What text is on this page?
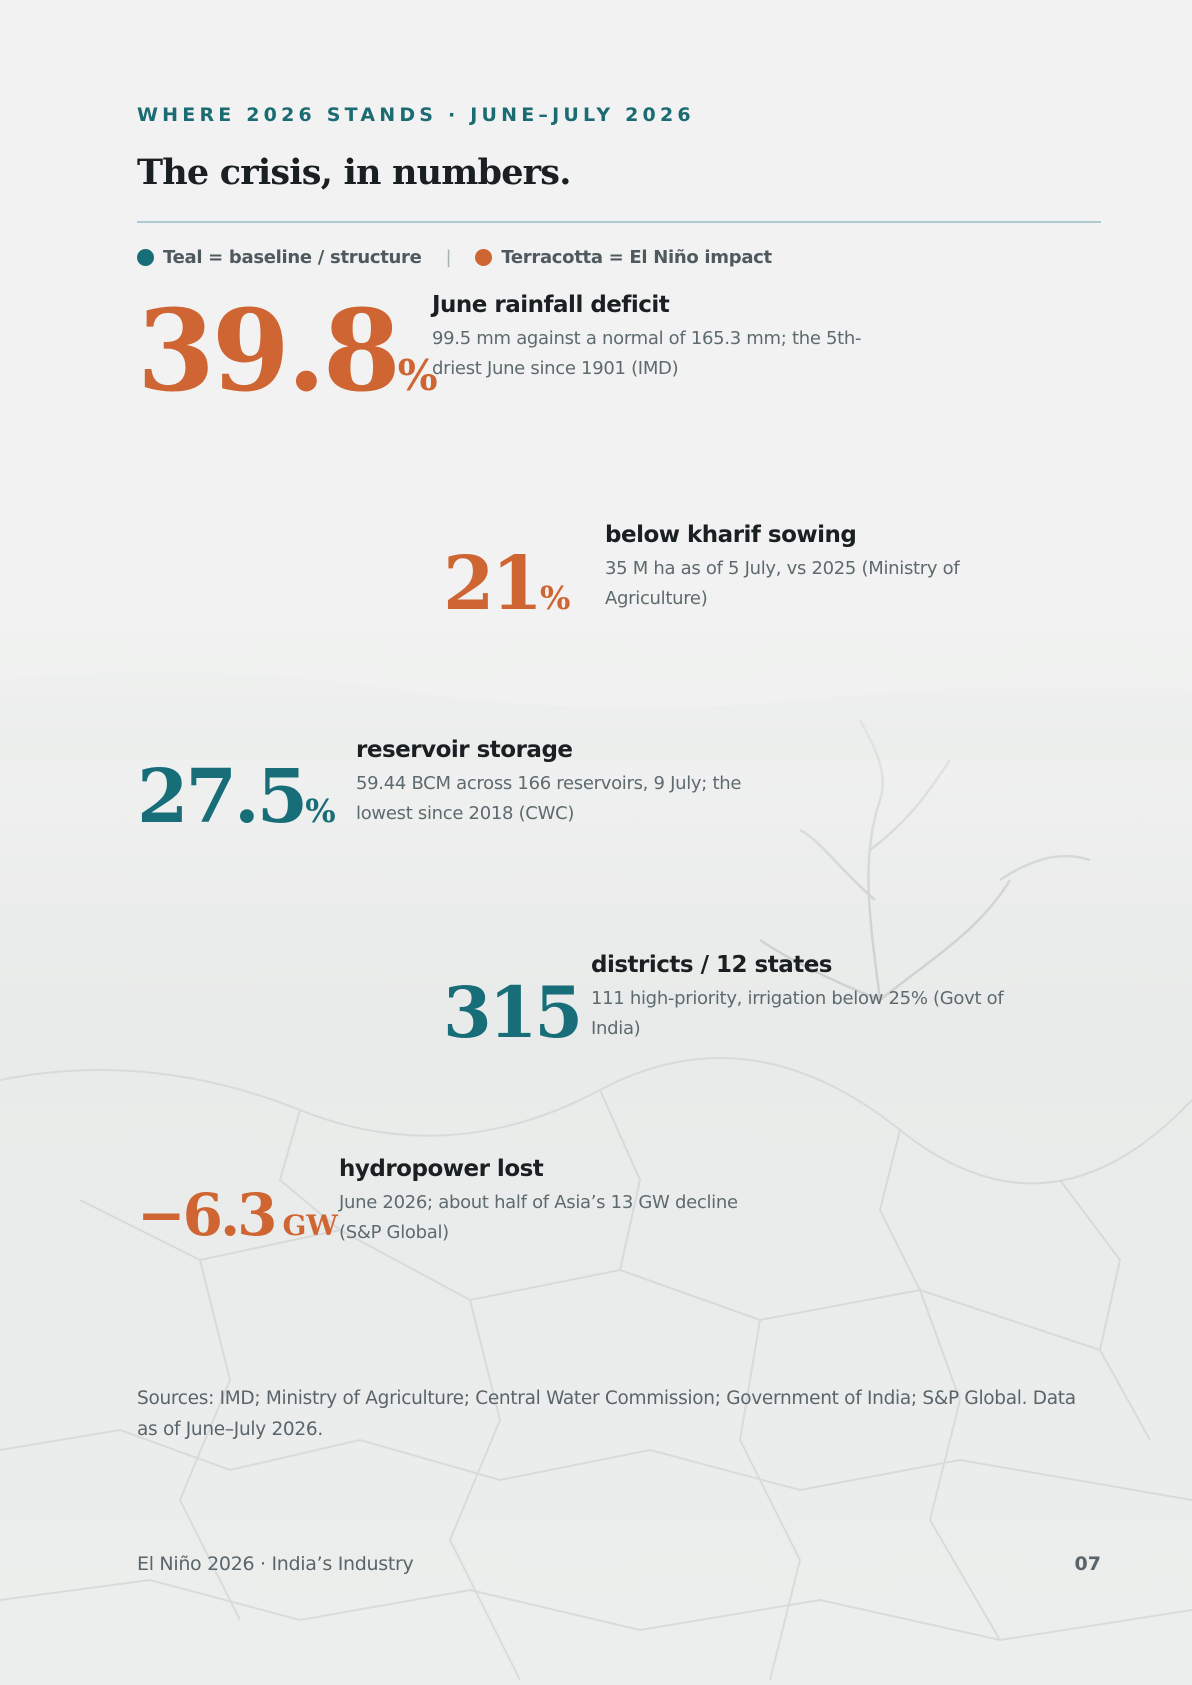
WHERE 2026 STANDS · JUNE–JULY 2026
The crisis, in numbers.
Teal = baseline / structure |	Terracotta = El Niño impact
39.8%
June rainfall deficit

99.5 mm against a normal of 165.3 mm; the 5th-driest June since 1901 (IMD)

21%
below kharif sowing

35 M ha as of 5 July, vs 2025 (Ministry of Agriculture)

27.5%
reservoir storage

59.44 BCM across 166 reservoirs, 9 July; the lowest since 2018 (CWC)

315
districts / 12 states

111 high-priority, irrigation below 25% (Govt of India)

−6.3 GW
hydropower lost

June 2026; about half of Asia’s 13 GW decline (S&P Global)

Sources: IMD; Ministry of Agriculture; Central Water Commission; Government of India; S&P Global. Data as of June–July 2026.
El Niño 2026 · India’s Industry	07
